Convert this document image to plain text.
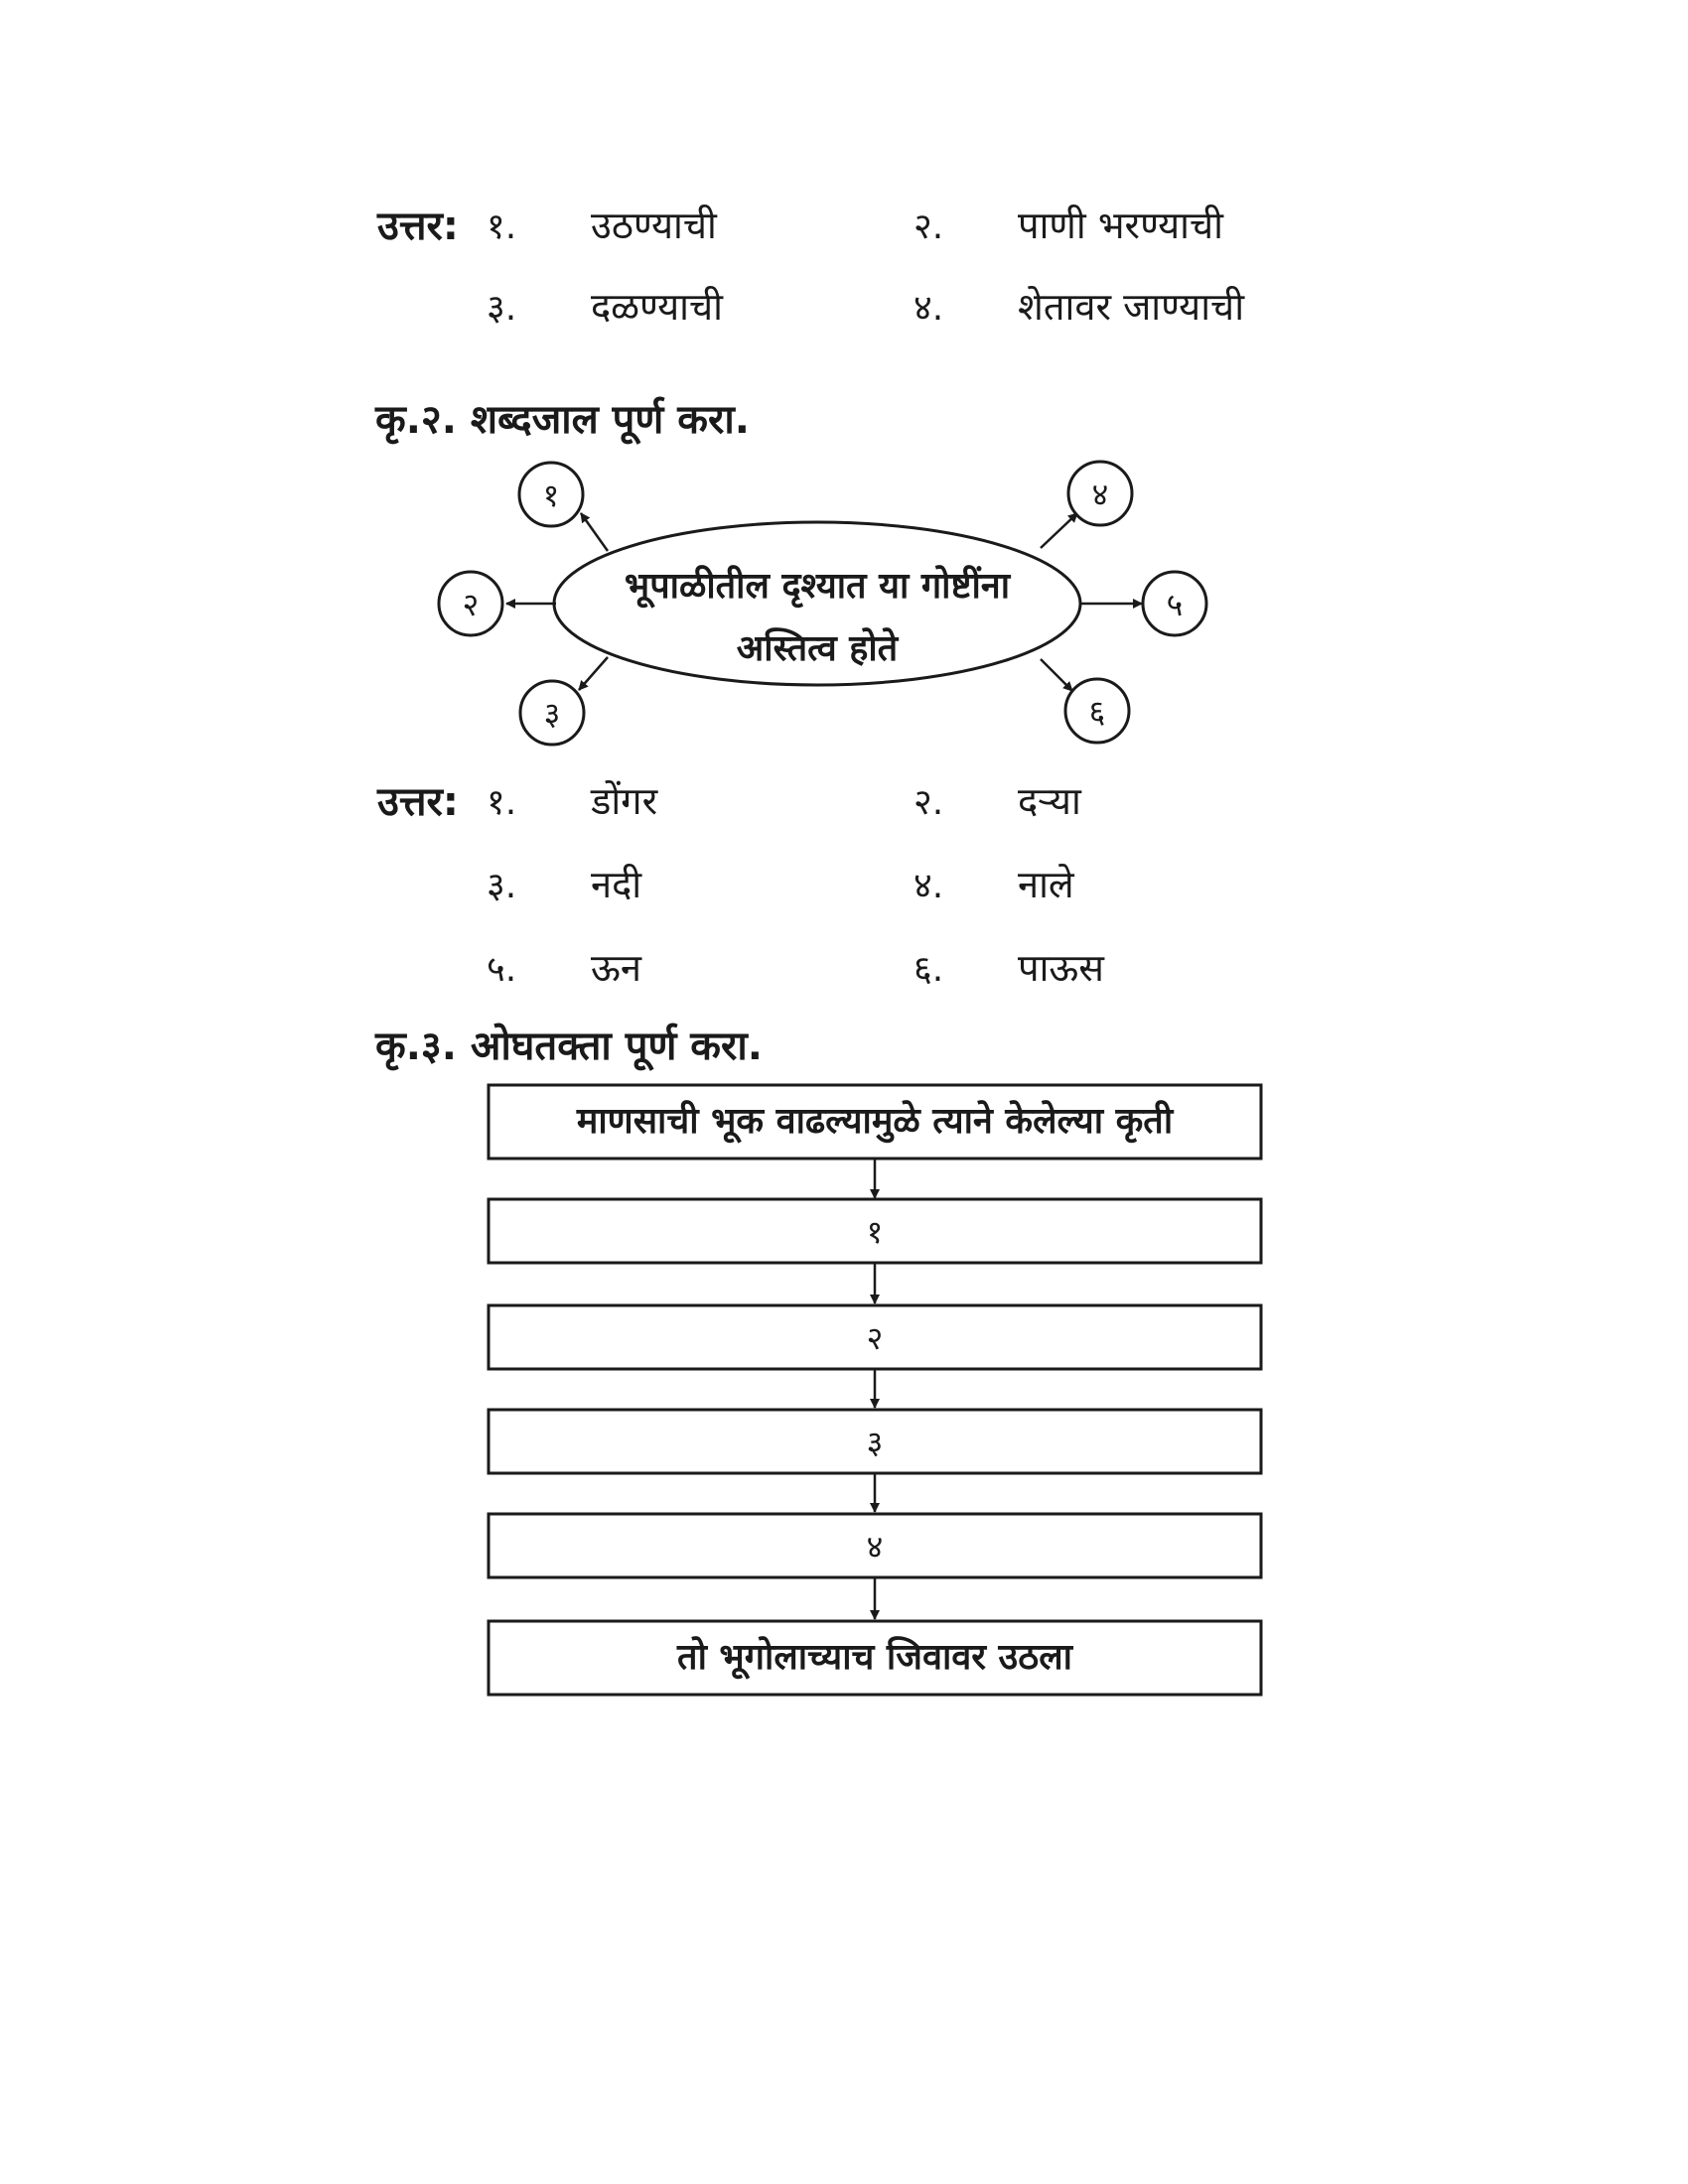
उत्तर: १. उठण्याची	२. पाणी भरण्याची
३. दळण्याची	४. शेतावर जाण्याची
कृ.२. शब्दजाल पूर्ण करा.
भूपाळीतील दृश्यात या गोष्टींना
अस्तित्व होते
१
२
३
४
५
६
माणसाची भूक वाढल्यामुळे त्याने केलेल्या कृती
१
२
३
४
तो भूगोलाच्याच जिवावर उठला
उत्तर: १. डोंगर	२. दऱ्या
३. नदी	४. नाले
५. ऊन	६. पाऊस
कृ.३. ओघतक्ता पूर्ण करा.
